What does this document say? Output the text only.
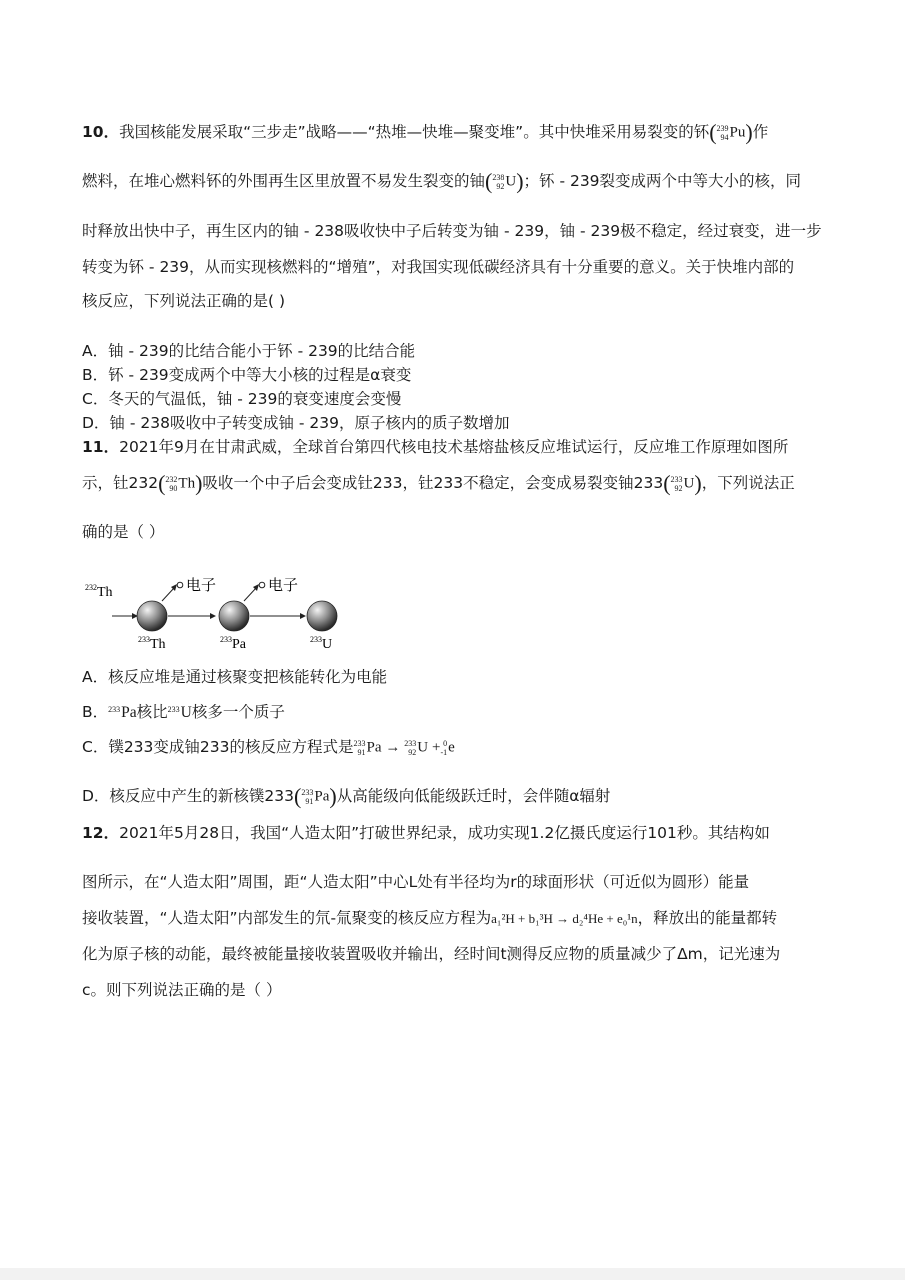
10．我国核能发展采取“三步走”战略——“热堆—快堆—聚变堆”。其中快堆采用易裂变的钚( 239
94 Pu)作
燃料，在堆心燃料钚的外围再生区里放置不易发生裂变的铀( 238
92 U)；钚 - 239裂变成两个中等大小的核，同
时释放出快中子，再生区内的铀 - 238吸收快中子后转变为铀 - 239，铀 - 239极不稳定，经过衰变，进一步
转变为钚 - 239，从而实现核燃料的“增殖”，对我国实现低碳经济具有十分重要的意义。关于快堆内部的
核反应，下列说法正确的是( )
A．铀 - 239的比结合能小于钚 - 239的比结合能
B．钚 - 239变成两个中等大小核的过程是α衰变
C．冬天的气温低，铀 - 239的衰变速度会变慢
D．铀 - 238吸收中子转变成铀 - 239，原子核内的质子数增加
11．2021年9月在甘肃武威，全球首台第四代核电技术基熔盐核反应堆试运行，反应堆工作原理如图所
示，钍232( 232
90 Th)吸收一个中子后会变成钍233，钍233不稳定，会变成易裂变铀233( 233
92 U)，下列说法正
确的是（ ）
$^{232}$Th
$^{233}$Th
电子
$^{233}$Pa
电子
$^{233}$U
A．核反应堆是通过核聚变把核能转化为电能
B． 233 Pa核比 233 U核多一个质子
C．镤233变成铀233的核反应方程式是 233
91 Pa → 233
92 U + 0
-1 e
D．核反应中产生的新核镤233( 233
91 Pa)从高能级向低能级跃迁时，会伴随α辐射
12．2021年5月28日，我国“人造太阳”打破世界纪录，成功实现1.2亿摄氏度运行101秒。其结构如
图所示，在“人造太阳”周围，距“人造太阳”中心L处有半径均为r的球面形状（可近似为圆形）能量
接收装置，“人造太阳”内部发生的氘-氚聚变的核反应方程为a₁²H + b₁³H → d₂⁴He + e₀¹n，释放出的能量都转
化为原子核的动能，最终被能量接收装置吸收并输出，经时间t测得反应物的质量减少了Δm，记光速为
c。则下列说法正确的是（ ）
